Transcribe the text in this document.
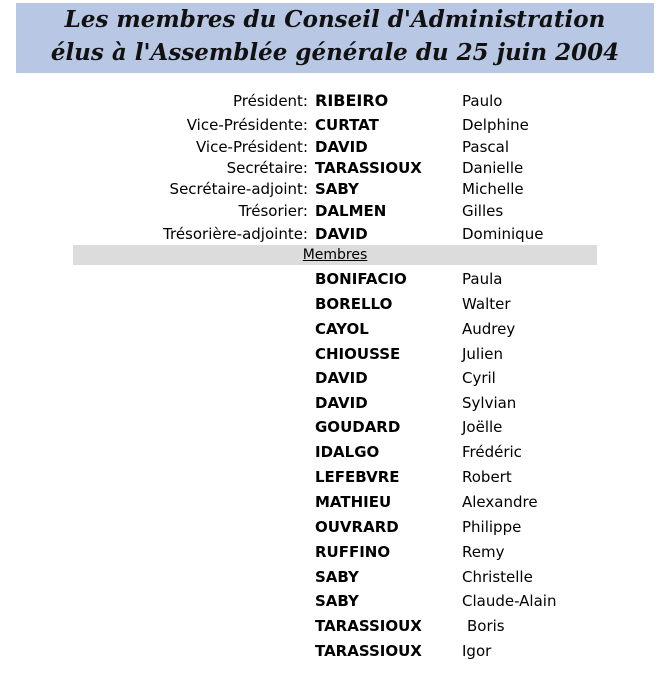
Les membres du Conseil d'Administration
élus à l'Assemblée générale du 25 juin 2004
Président: RIBEIRO	Paulo
Vice-Présidente: CURTAT	Delphine
Vice-Président: DAVID	Pascal
Secrétaire: TARASSIOUX	Danielle
Secrétaire-adjoint: SABY	Michelle
Trésorier: DALMEN	Gilles
Trésorière-adjointe: DAVID	Dominique
Membres
BONIFACIO	Paula
BORELLO	Walter
CAYOL	Audrey
CHIOUSSE	Julien
DAVID	Cyril
DAVID	Sylvian
GOUDARD	Joëlle
IDALGO	Frédéric
LEFEBVRE	Robert
MATHIEU	Alexandre
OUVRARD	Philippe
RUFFINO	Remy
SABY	Christelle
SABY	Claude-Alain
TARASSIOUX	Boris
TARASSIOUX	Igor
